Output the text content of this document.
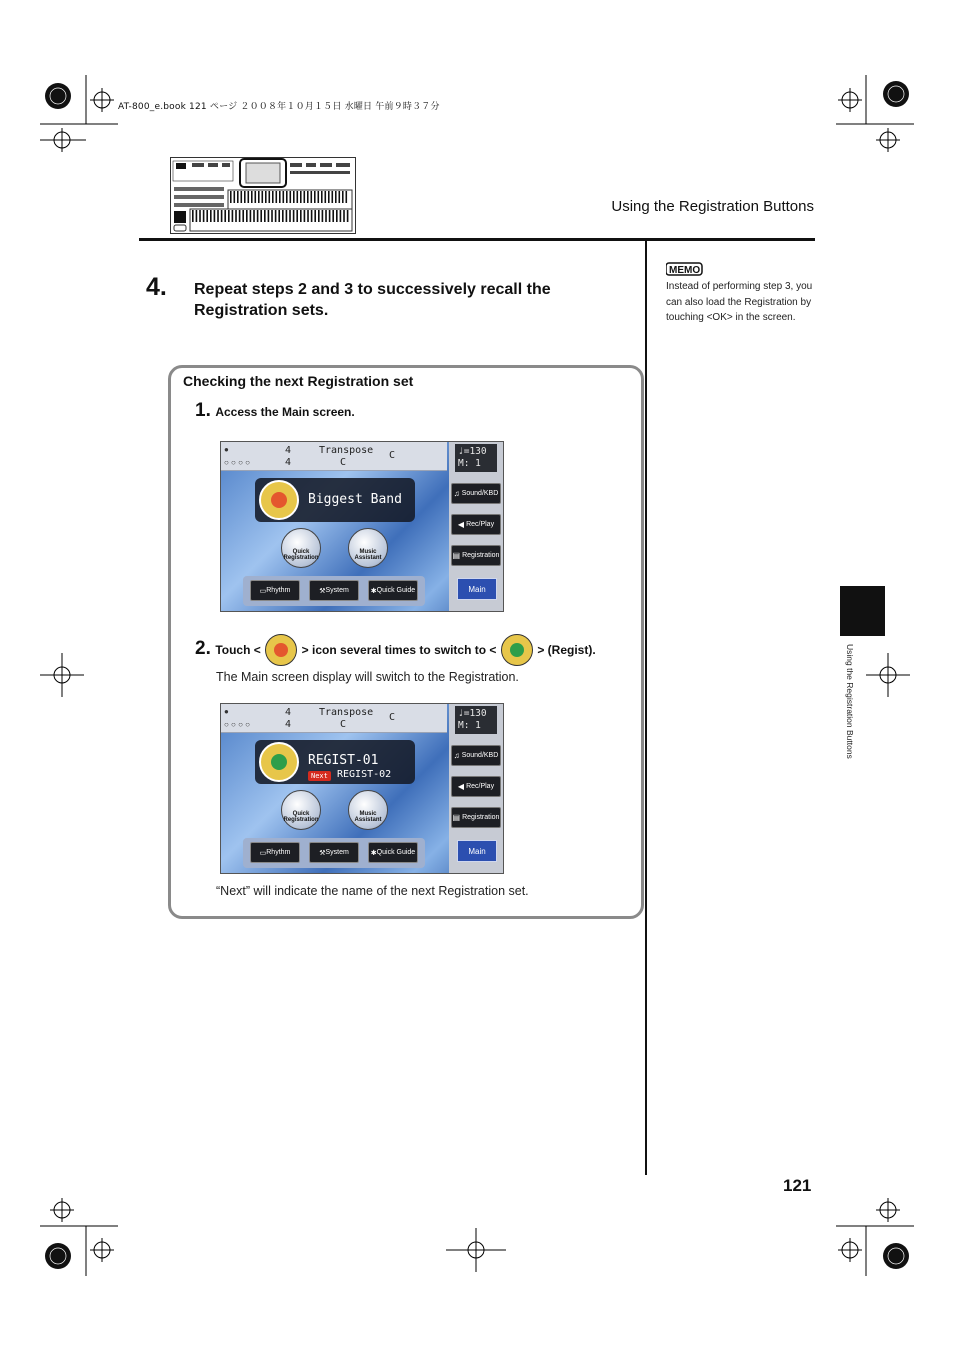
AT-800_e.book 121 ページ ２００８年１０月１５日 水曜日 午前９時３７分
Using the Registration Buttons
4. Repeat steps 2 and 3 to successively recall the Registration sets.
MEMO
Instead of performing step 3, you can also load the Registration by touching <OK> in the screen.
Checking the next Registration set
1. Access the Main screen.
●
○ ○ ○ ○
4
4
Transpose
C
C	♩=130
M: 1
♫ Sound/KBD
◀ Rec/Play
▤ Registration
Main
Biggest Band
Quick Registration
Music Assistant
▭ Rhythm	⚒ System	✱ Quick Guide
2. Touch <	> icon several times to switch to <	> (Regist).
The Main screen display will switch to the Registration.
●
○ ○ ○ ○
4
4
Transpose
C
C	♩=130
M: 1
♫ Sound/KBD
◀ Rec/Play
▤ Registration
Main
REGIST-01
Next REGIST-02
Quick Registration
Music Assistant
▭ Rhythm	⚒ System	✱ Quick Guide
“Next” will indicate the name of the next Registration set.
Using the Registration Buttons
121
